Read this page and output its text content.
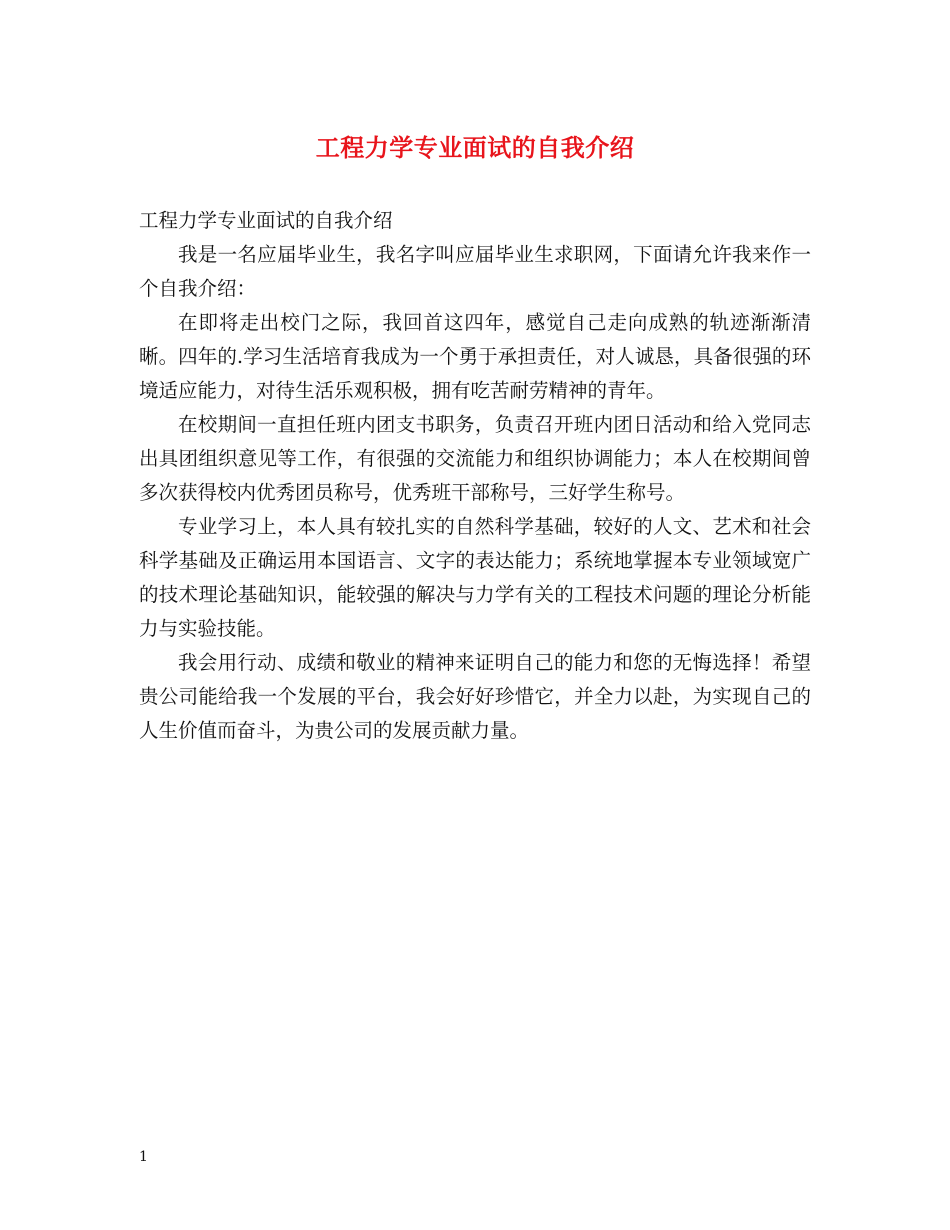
工程力学专业面试的自我介绍

工程力学专业面试的自我介绍

我是一名应届毕业生，我名字叫应届毕业生求职网，下面请允许我来作一个自我介绍：

在即将走出校门之际，我回首这四年，感觉自己走向成熟的轨迹渐渐清晰。四年的.学习生活培育我成为一个勇于承担责任，对人诚恳，具备很强的环境适应能力，对待生活乐观积极，拥有吃苦耐劳精神的青年。

在校期间一直担任班内团支书职务，负责召开班内团日活动和给入党同志出具团组织意见等工作，有很强的交流能力和组织协调能力；本人在校期间曾多次获得校内优秀团员称号，优秀班干部称号，三好学生称号。

专业学习上，本人具有较扎实的自然科学基础，较好的人文、艺术和社会科学基础及正确运用本国语言、文字的表达能力；系统地掌握本专业领域宽广的技术理论基础知识，能较强的解决与力学有关的工程技术问题的理论分析能力与实验技能。

我会用行动、成绩和敬业的精神来证明自己的能力和您的无悔选择！希望贵公司能给我一个发展的平台，我会好好珍惜它，并全力以赴，为实现自己的人生价值而奋斗，为贵公司的发展贡献力量。

1
